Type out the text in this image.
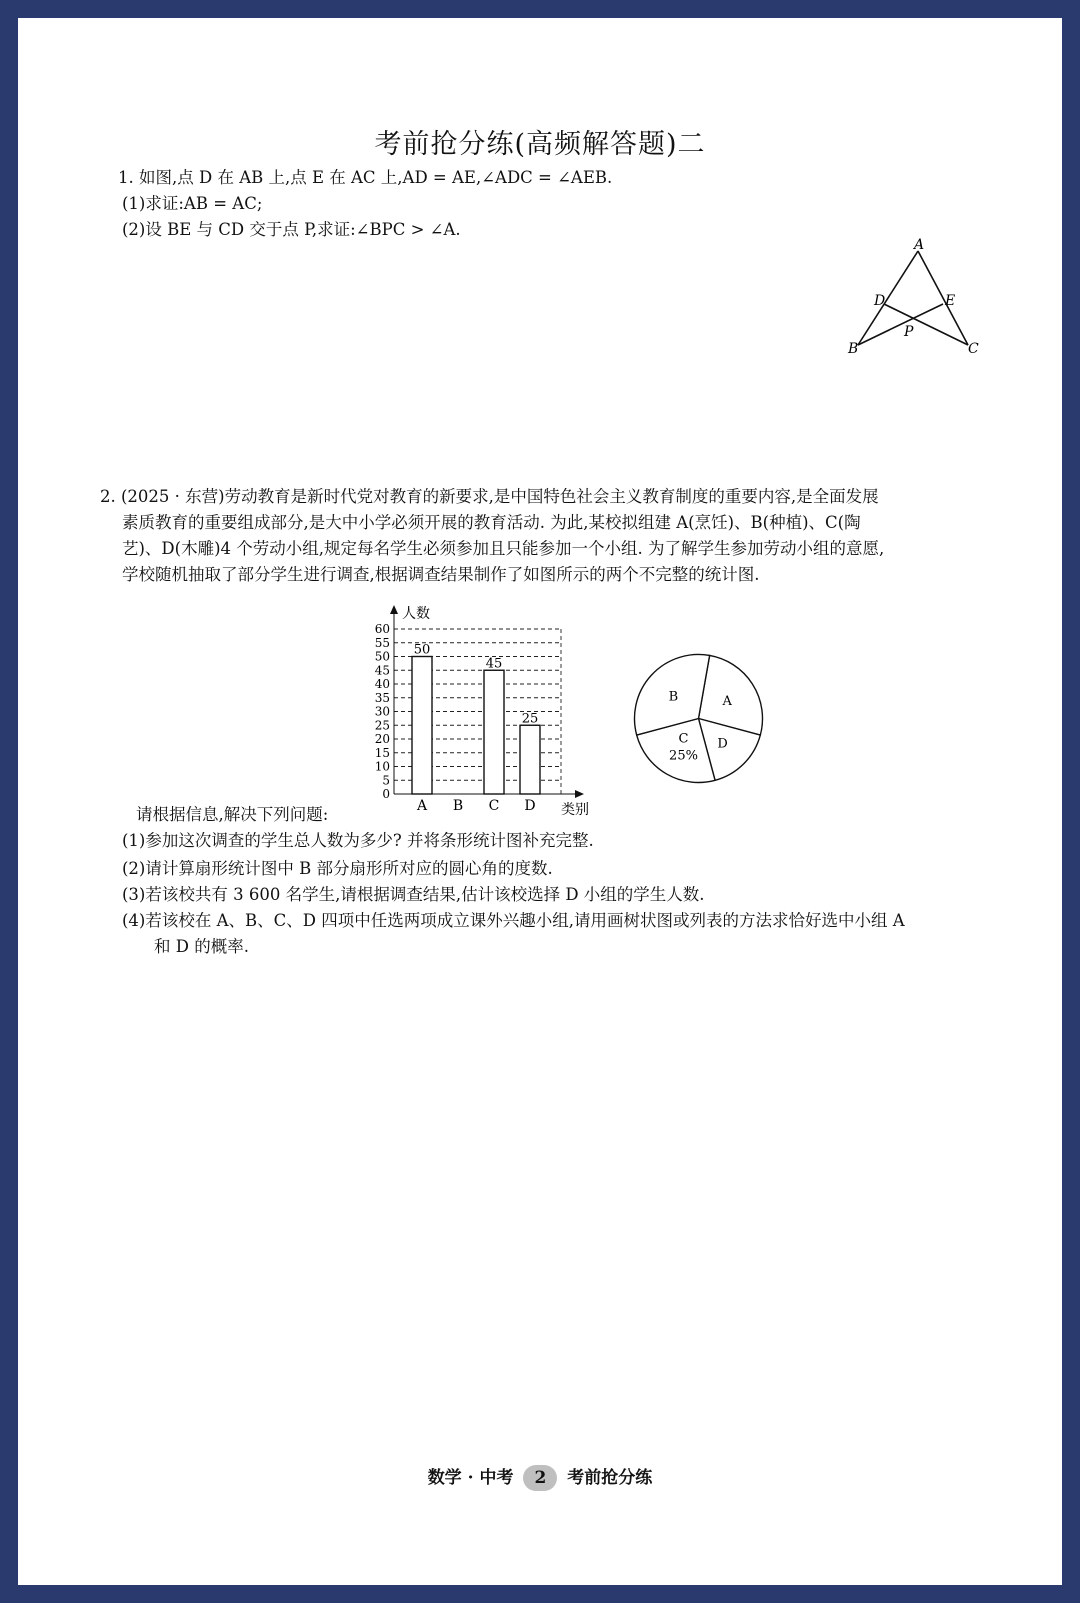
考前抢分练(高频解答题)二
1. 如图,点 D 在 AB 上,点 E 在 AC 上,AD = AE,∠ADC = ∠AEB.
(1)求证:AB = AC;
(2)设 BE 与 CD 交于点 P,求证:∠BPC > ∠A.
A
B	C
D	E
P
2. (2025 · 东营)劳动教育是新时代党对教育的新要求,是中国特色社会主义教育制度的重要内容,是全面发展
素质教育的重要组成部分,是大中小学必须开展的教育活动. 为此,某校拟组建 A(烹饪)、B(种植)、C(陶
艺)、D(木雕)4 个劳动小组,规定每名学生必须参加且只能参加一个小组. 为了解学生参加劳动小组的意愿,
学校随机抽取了部分学生进行调查,根据调查结果制作了如图所示的两个不完整的统计图.
0
5
10
15
20
25
30
35
40
45
50
55
60
人数
类别
50
A B
45
C
25
D
A
D
C
25%
B
请根据信息,解决下列问题:
(1)参加这次调查的学生总人数为多少? 并将条形统计图补充完整.
(2)请计算扇形统计图中 B 部分扇形所对应的圆心角的度数.
(3)若该校共有 3 600 名学生,请根据调查结果,估计该校选择 D 小组的学生人数.
(4)若该校在 A、B、C、D 四项中任选两项成立课外兴趣小组,请用画树状图或列表的方法求恰好选中小组 A
和 D 的概率.
数学 · 中考 2 考前抢分练
